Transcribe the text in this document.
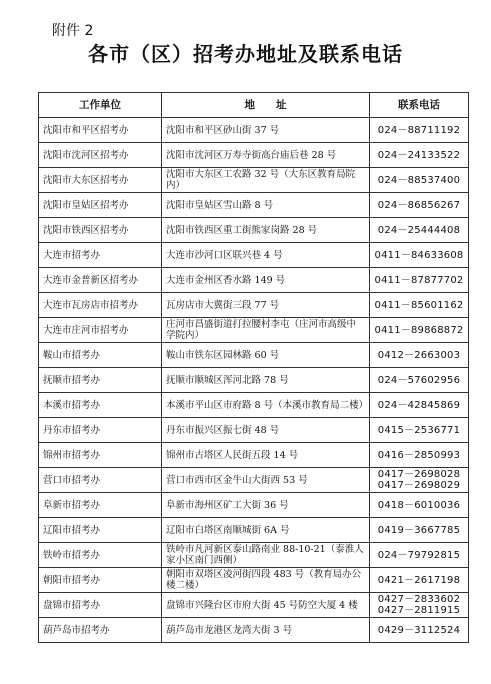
附件 2
各市（区）招考办地址及联系电话
工作单位	地　　址	联系电话
沈阳市和平区招考办	沈阳市和平区砂山街 37 号	024－88711192

沈阳市沈河区招考办	沈阳市沈河区万寿寺街高台庙后巷 28 号	024－24133522

沈阳市大东区招考办	沈阳市大东区工农路 32 号（大东区教育局院内）	024－88537400

沈阳市皇姑区招考办	沈阳市皇姑区雪山路 8 号	024－86856267

沈阳市铁西区招考办	沈阳市铁西区重工街熊家岗路 28 号	024－25444408

大连市招考办	大连市沙河口区联兴巷 4 号	0411－84633608

大连市金普新区招考办	大连市金州区香水路 149 号	0411－87877702

大连市瓦房店市招考办	瓦房店市大冀街三段 77 号	0411－85601162

大连市庄河市招考办	庄河市昌盛街道打拉腰村李屯（庄河市高级中学院内）	0411－89868872

鞍山市招考办	鞍山市铁东区园林路 60 号	0412－2663003

抚顺市招考办	抚顺市顺城区浑河北路 78 号	024－57602956

本溪市招考办	本溪市平山区市府路 8 号（本溪市教育局二楼）	024－42845869

丹东市招考办	丹东市振兴区振七街 48 号	0415－2536771

锦州市招考办	锦州市古塔区人民街五段 14 号	0416－2850993

营口市招考办	营口市西市区金牛山大街西 53 号	0417－2698028
0417－2698029

阜新市招考办	阜新市海州区矿工大街 36 号	0418－6010036

辽阳市招考办	辽阳市白塔区南顺城街 6A 号	0419－3667785

铁岭市招考办	铁岭市凡河新区泰山路南业 88-10-21（泰淮人家小区南门西侧）	024－79792815

朝阳市招考办	朝阳市双塔区凌河街四段 483 号（教育局办公楼二楼）	0421－2617198

盘锦市招考办	盘锦市兴隆台区市府大街 45 号防空大厦 4 楼	0427－2833602
0427－2811915

葫芦岛市招考办	葫芦岛市龙港区龙湾大街 3 号	0429－3112524
